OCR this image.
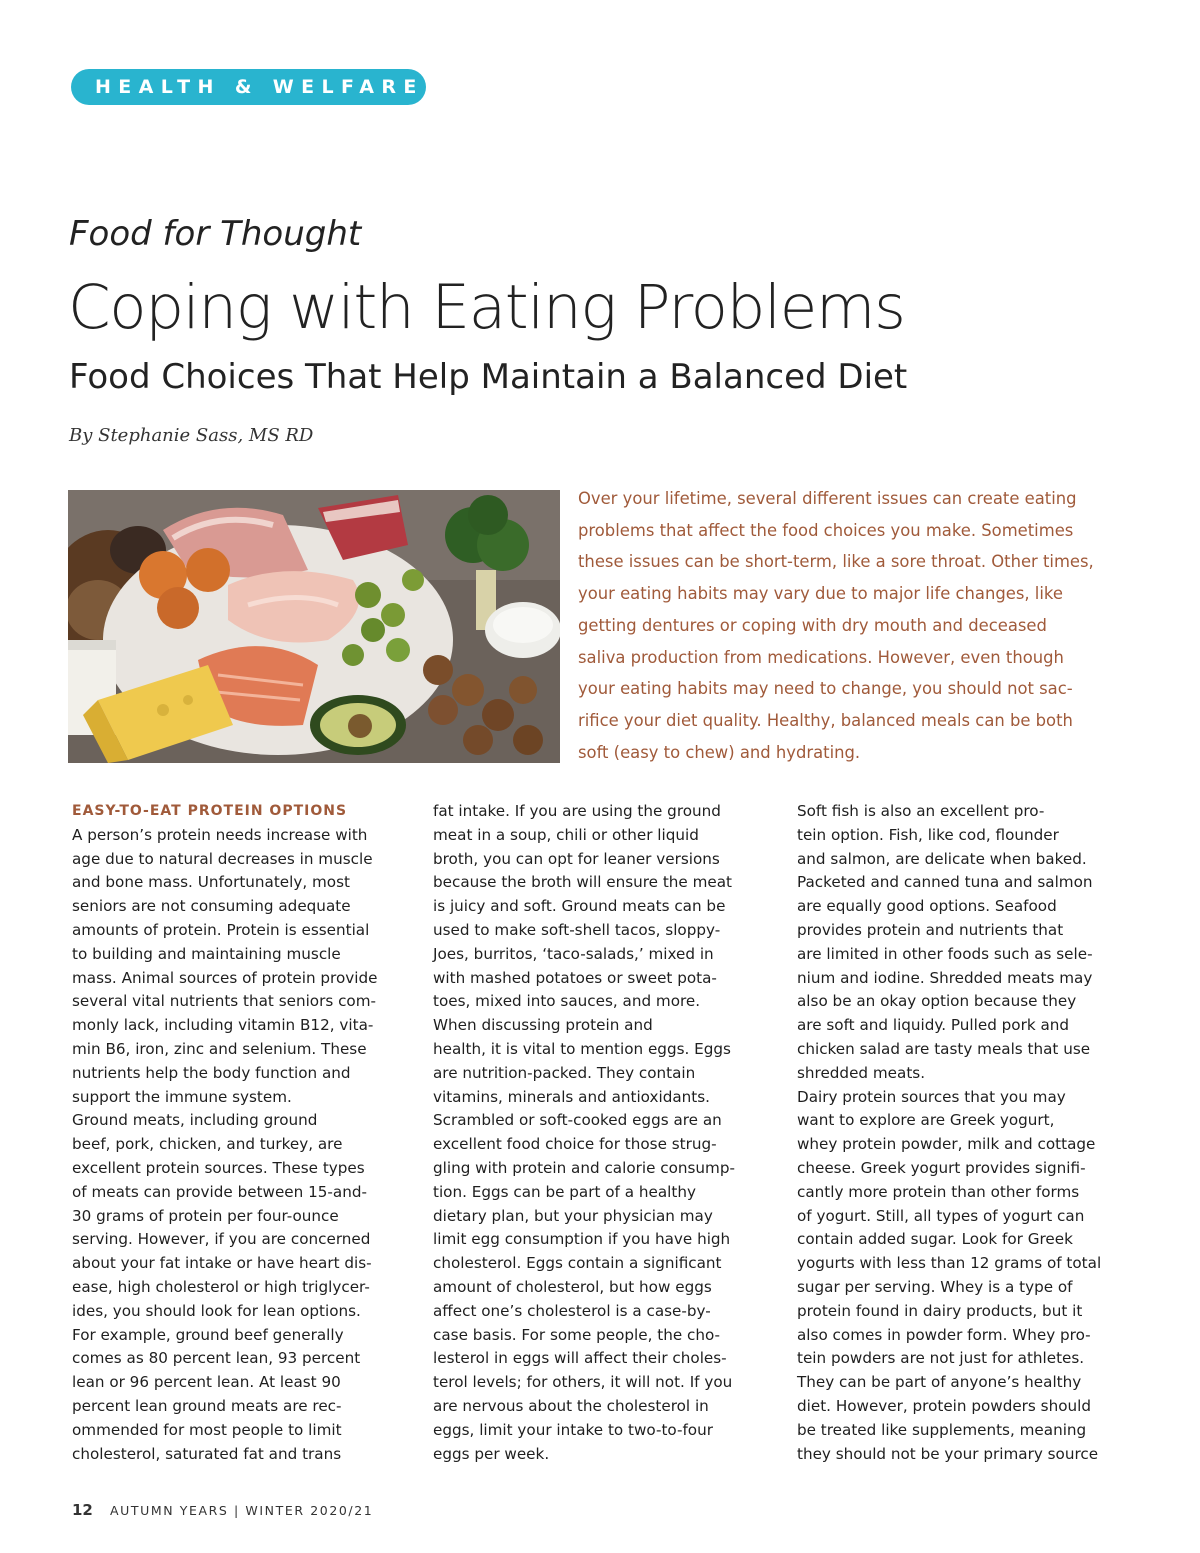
HEALTH & WELFARE
Food for Thought
Coping with Eating Problems
Food Choices That Help Maintain a Balanced Diet
By Stephanie Sass, MS RD
Over your lifetime, several different issues can create eating
problems that affect the food choices you make. Sometimes
these issues can be short-term, like a sore throat. Other times,
your eating habits may vary due to major life changes, like
getting dentures or coping with dry mouth and deceased
saliva production from medications. However, even though
your eating habits may need to change, you should not sac-
rifice your diet quality. Healthy, balanced meals can be both
soft (easy to chew) and hydrating.
EASY-TO-EAT PROTEIN OPTIONS
A person’s protein needs increase with
age due to natural decreases in muscle
and bone mass. Unfortunately, most
seniors are not consuming adequate
amounts of protein. Protein is essential
to building and maintaining muscle
mass. Animal sources of protein provide
several vital nutrients that seniors com-
monly lack, including vitamin B12, vita-
min B6, iron, zinc and selenium. These
nutrients help the body function and
support the immune system.
Ground meats, including ground
beef, pork, chicken, and turkey, are
excellent protein sources. These types
of meats can provide between 15-and-
30 grams of protein per four-ounce
serving. However, if you are concerned
about your fat intake or have heart dis-
ease, high cholesterol or high triglycer-
ides, you should look for lean options.
For example, ground beef generally
comes as 80 percent lean, 93 percent
lean or 96 percent lean. At least 90
percent lean ground meats are rec-
ommended for most people to limit
cholesterol, saturated fat and trans
fat intake. If you are using the ground
meat in a soup, chili or other liquid
broth, you can opt for leaner versions
because the broth will ensure the meat
is juicy and soft. Ground meats can be
used to make soft-shell tacos, sloppy-
Joes, burritos, ‘taco-salads,’ mixed in
with mashed potatoes or sweet pota-
toes, mixed into sauces, and more.
When discussing protein and
health, it is vital to mention eggs. Eggs
are nutrition-packed. They contain
vitamins, minerals and antioxidants.
Scrambled or soft-cooked eggs are an
excellent food choice for those strug-
gling with protein and calorie consump-
tion. Eggs can be part of a healthy
dietary plan, but your physician may
limit egg consumption if you have high
cholesterol. Eggs contain a significant
amount of cholesterol, but how eggs
affect one’s cholesterol is a case-by-
case basis. For some people, the cho-
lesterol in eggs will affect their choles-
terol levels; for others, it will not. If you
are nervous about the cholesterol in
eggs, limit your intake to two-to-four
eggs per week.
Soft fish is also an excellent pro-
tein option. Fish, like cod, flounder
and salmon, are delicate when baked.
Packeted and canned tuna and salmon
are equally good options. Seafood
provides protein and nutrients that
are limited in other foods such as sele-
nium and iodine. Shredded meats may
also be an okay option because they
are soft and liquidy. Pulled pork and
chicken salad are tasty meals that use
shredded meats.
Dairy protein sources that you may
want to explore are Greek yogurt,
whey protein powder, milk and cottage
cheese. Greek yogurt provides signifi-
cantly more protein than other forms
of yogurt. Still, all types of yogurt can
contain added sugar. Look for Greek
yogurts with less than 12 grams of total
sugar per serving. Whey is a type of
protein found in dairy products, but it
also comes in powder form. Whey pro-
tein powders are not just for athletes.
They can be part of anyone’s healthy
diet. However, protein powders should
be treated like supplements, meaning
they should not be your primary source
12 AUTUMN YEARS | WINTER 2020/21
